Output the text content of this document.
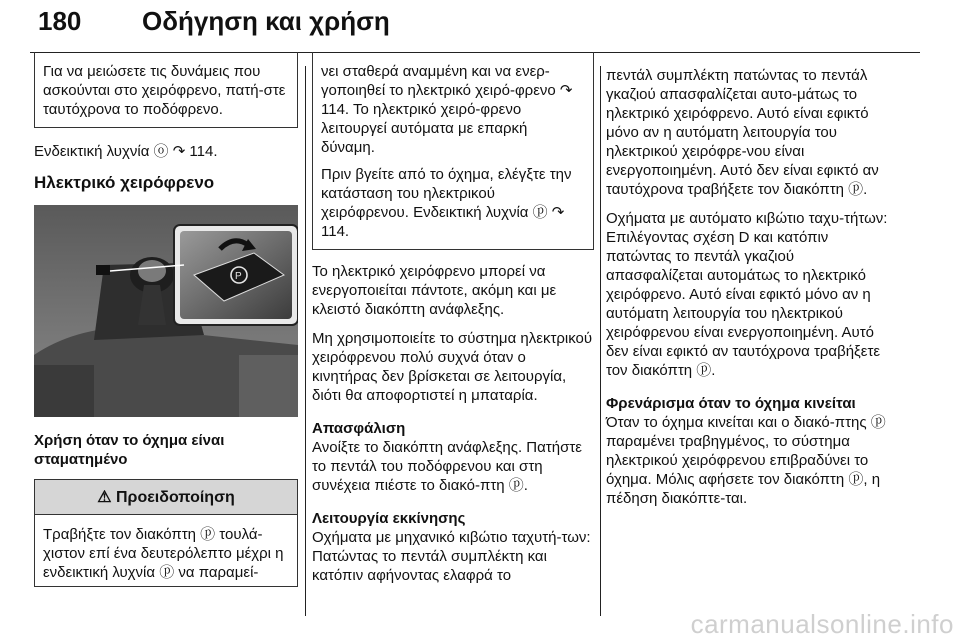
180 Οδήγηση και χρήση
Για να μειώσετε τις δυνάμεις που ασκούνται στο χειρόφρενο, πατή-στε ταυτόχρονα το ποδόφρενο.

Ενδεικτική λυχνία ⓞ ↷ 114.

Ηλεκτρικό χειρόφρενο
P
Χρήση όταν το όχημα είναι σταματημένο
⚠ Προειδοποίηση
Τραβήξτε τον διακόπτη ⓟ τουλά-χιστον επί ένα δευτερόλεπτο μέχρι η ενδεικτική λυχνία ⓟ να παραμεί-

νει σταθερά αναμμένη και να ενερ-γοποιηθεί το ηλεκτρικό χειρό-φρενο ↷ 114. Το ηλεκτρικό χειρό-φρενο λειτουργεί αυτόματα με επαρκή δύναμη.

Πριν βγείτε από το όχημα, ελέγξτε την κατάσταση του ηλεκτρικού χειρόφρενου. Ενδεικτική λυχνία ⓟ ↷ 114.

Το ηλεκτρικό χειρόφρενο μπορεί να ενεργοποιείται πάντοτε, ακόμη και με κλειστό διακόπτη ανάφλεξης.

Μη χρησιμοποιείτε το σύστημα ηλεκτρικού χειρόφρενου πολύ συχνά όταν ο κινητήρας δεν βρίσκεται σε λειτουργία, διότι θα αποφορτιστεί η μπαταρία.

Απασφάλιση

Ανοίξτε το διακόπτη ανάφλεξης. Πατήστε το πεντάλ του ποδόφρενου και στη συνέχεια πιέστε το διακό-πτη ⓟ.

Λειτουργία εκκίνησης

Οχήματα με μηχανικό κιβώτιο ταχυτή-των: Πατώντας το πεντάλ συμπλέκτη και κατόπιν αφήνοντας ελαφρά το

πεντάλ συμπλέκτη πατώντας το πεντάλ γκαζιού απασφαλίζεται αυτο-μάτως το ηλεκτρικό χειρόφρενο. Αυτό είναι εφικτό μόνο αν η αυτόματη λειτουργία του ηλεκτρικού χειρόφρε-νου είναι ενεργοποιημένη. Αυτό δεν είναι εφικτό αν ταυτόχρονα τραβήξετε τον διακόπτη ⓟ.

Οχήματα με αυτόματο κιβώτιο ταχυ-τήτων: Επιλέγοντας σχέση D και κατόπιν πατώντας το πεντάλ γκαζιού απασφαλίζεται αυτομάτως το ηλεκτρικό χειρόφρενο. Αυτό είναι εφικτό μόνο αν η αυτόματη λειτουργία του ηλεκτρικού χειρόφρενου είναι ενεργοποιημένη. Αυτό δεν είναι εφικτό αν ταυτόχρονα τραβήξετε τον διακόπτη ⓟ.

Φρενάρισμα όταν το όχημα κινείται

Όταν το όχημα κινείται και ο διακό-πτης ⓟ παραμένει τραβηγμένος, το σύστημα ηλεκτρικού χειρόφρενου επιβραδύνει το όχημα. Μόλις αφήσετε τον διακόπτη ⓟ, η πέδηση διακόπτε-ται.

carmanualsonline.info
